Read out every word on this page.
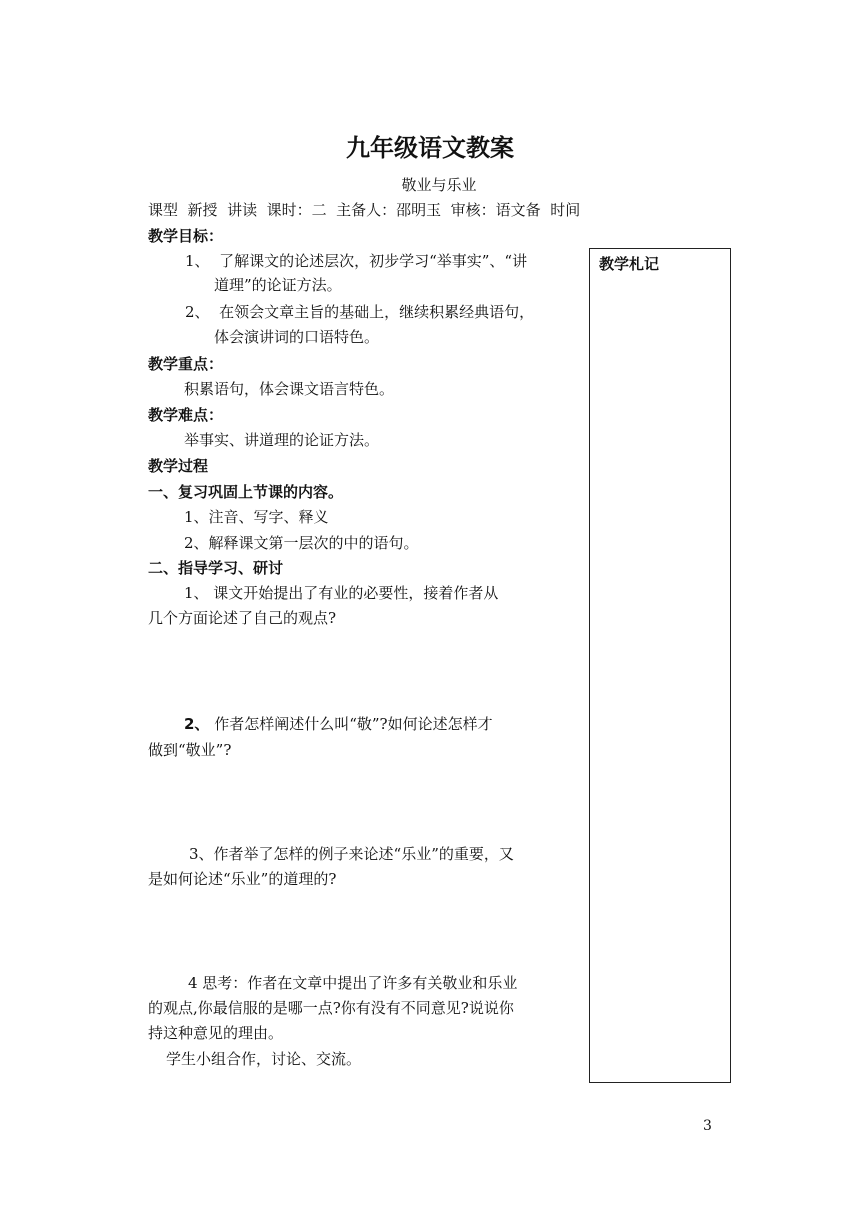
九年级语文教案
敬业与乐业
课型  新授  讲读  课时：二  主备人：邵明玉  审核：语文备  时间
教学目标：
1、  了解课文的论述层次，初步学习“举事实”、“讲
道理”的论证方法。
2、  在领会文章主旨的基础上，继续积累经典语句，
体会演讲词的口语特色。
教学重点：
积累语句，体会课文语言特色。
教学难点：
举事实、讲道理的论证方法。
教学过程
一、复习巩固上节课的内容。
1、注音、写字、释义
2、解释课文第一层次的中的语句。
二、指导学习、研讨
1、 课文开始提出了有业的必要性，接着作者从
几个方面论述了自己的观点?
2、 作者怎样阐述什么叫“敬”?如何论述怎样才
做到“敬业”?
3、作者举了怎样的例子来论述“乐业”的重要，又
是如何论述“乐业”的道理的?
4 思考：作者在文章中提出了许多有关敬业和乐业
的观点,你最信服的是哪一点?你有没有不同意见?说说你
持这种意见的理由。
学生小组合作，讨论、交流。
教学札记
3
